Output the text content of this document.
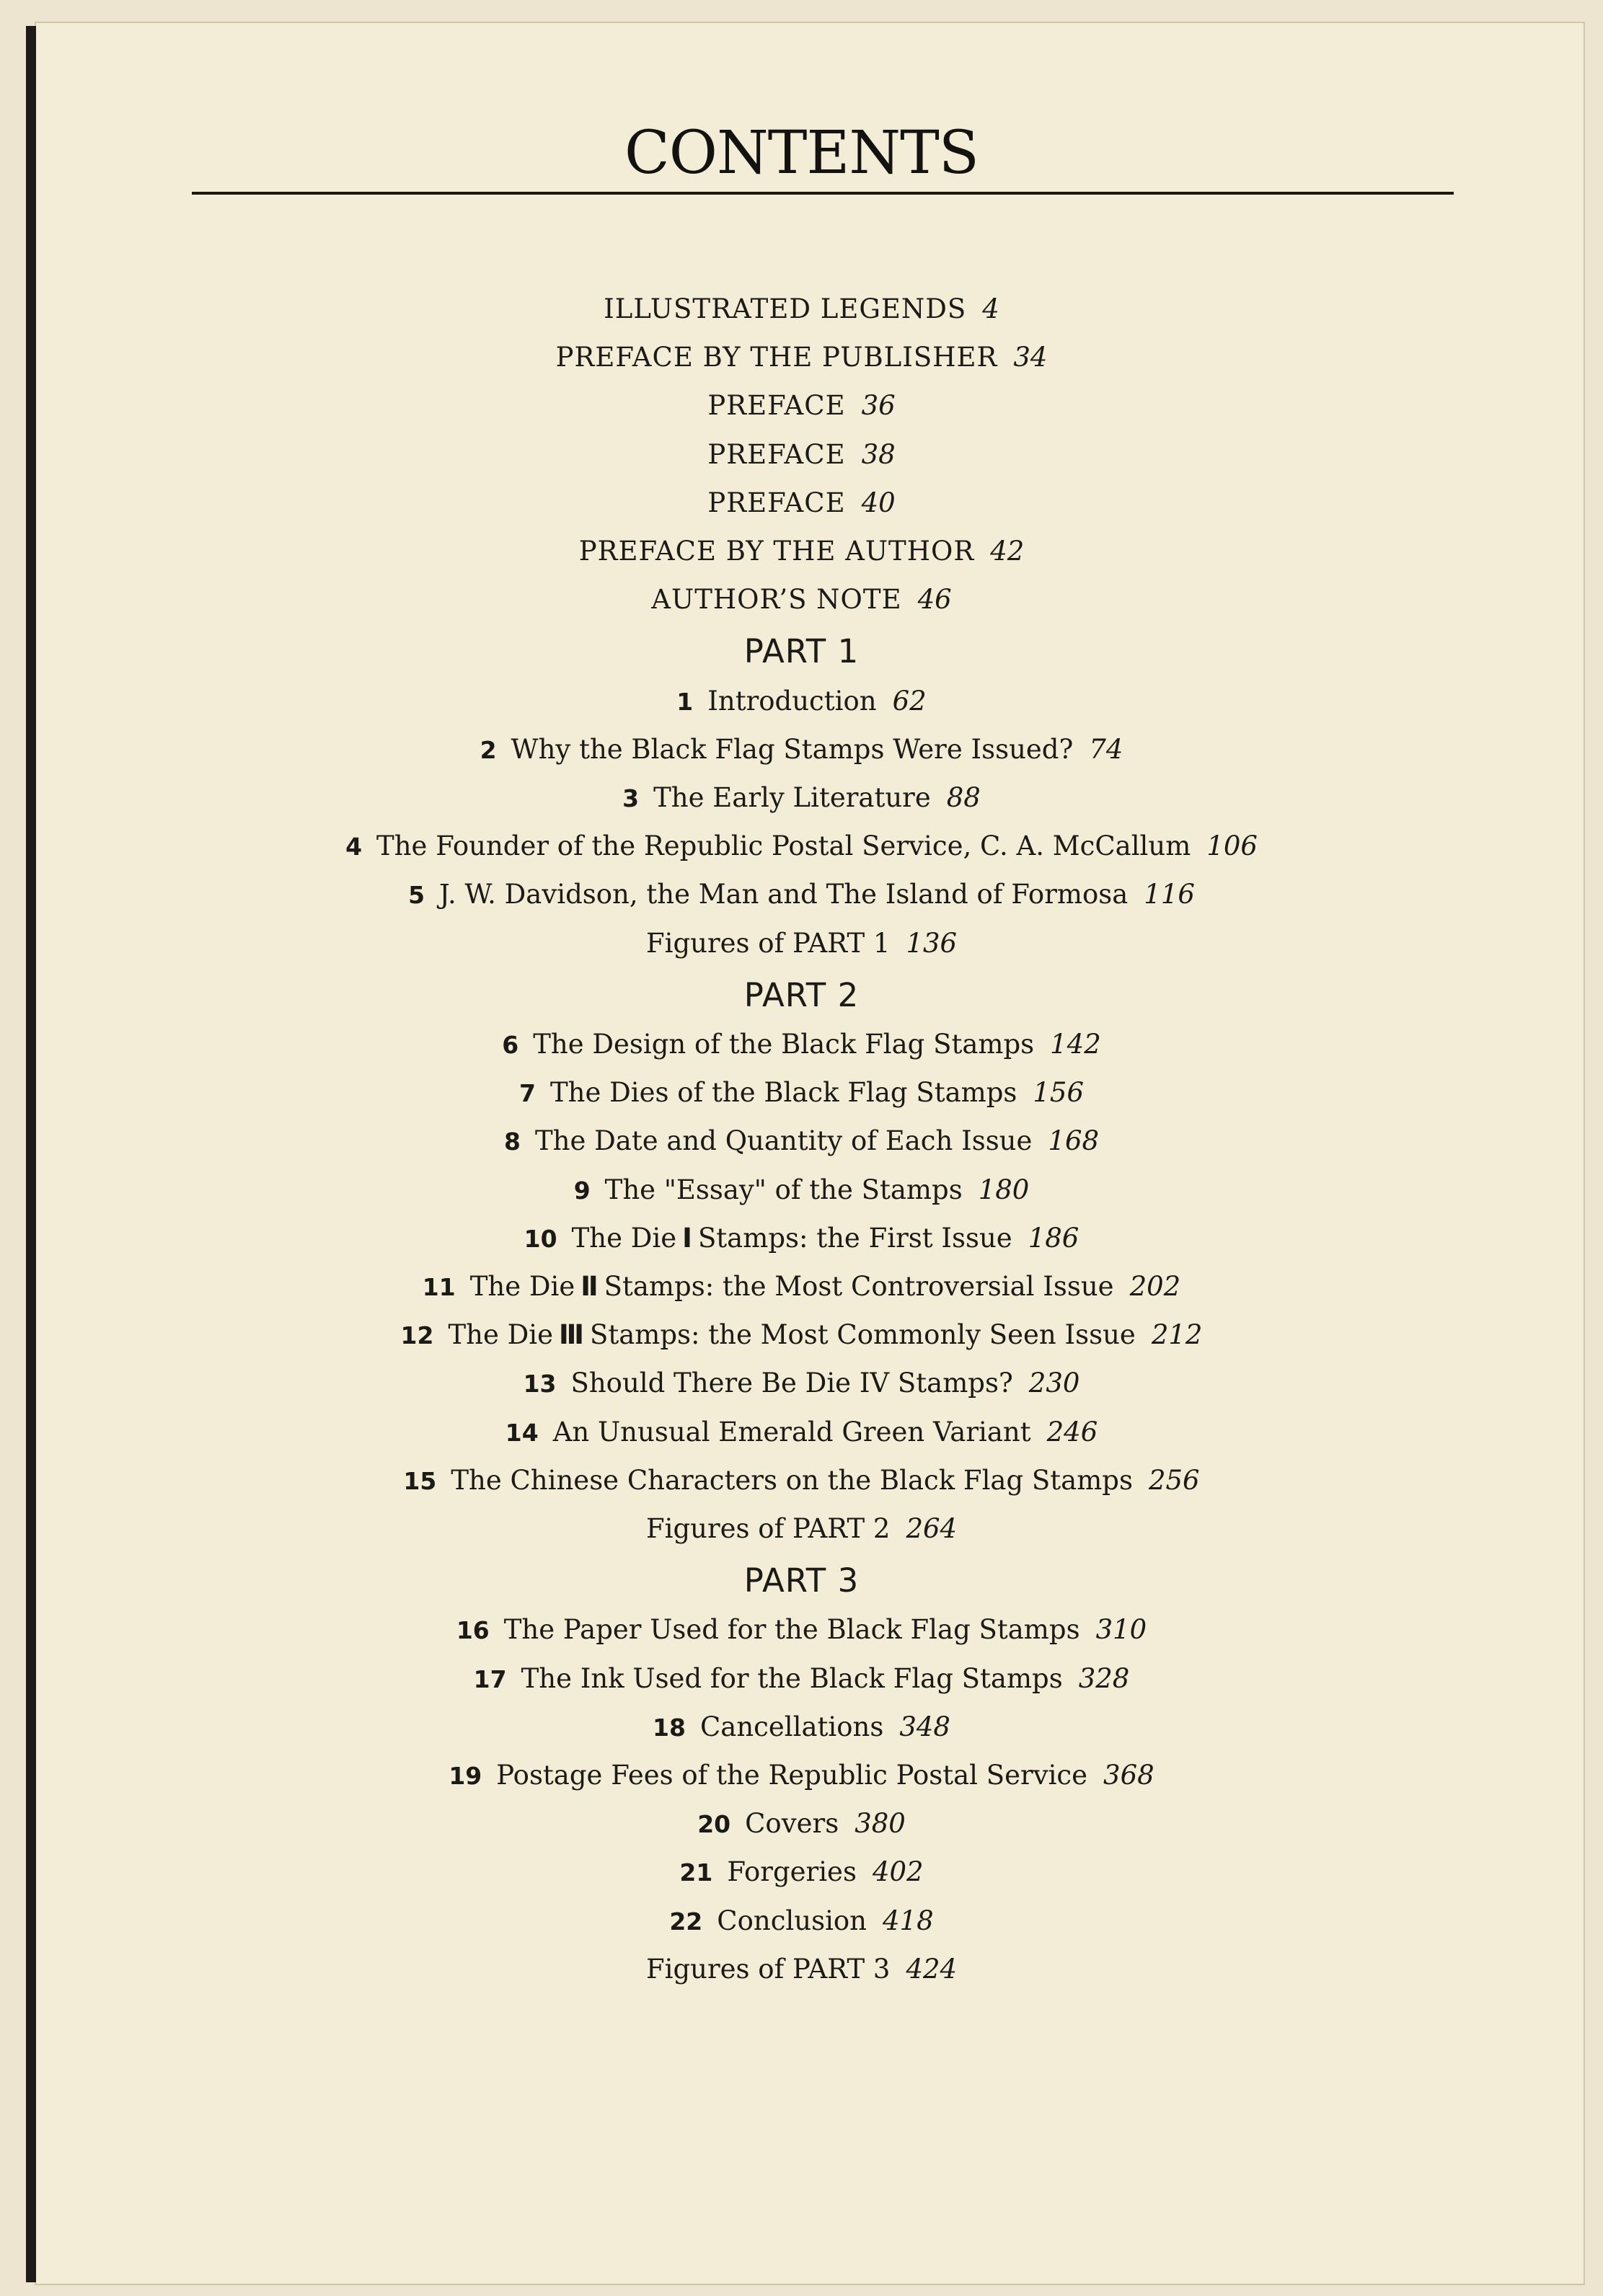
CONTENTS
ILLUSTRATED LEGENDS 4
PREFACE BY THE PUBLISHER 34
PREFACE 36
PREFACE 38
PREFACE 40
PREFACE BY THE AUTHOR 42
AUTHOR’S NOTE 46
PART 1
1 Introduction 62
2 Why the Black Flag Stamps Were Issued? 74
3 The Early Literature 88
4 The Founder of the Republic Postal Service, C. A. McCallum 106
5 J. W. Davidson, the Man and The Island of Formosa 116
Figures of PART 1 136
PART 2
6 The Design of the Black Flag Stamps 142
7 The Dies of the Black Flag Stamps 156
8 The Date and Quantity of Each Issue 168
9 The "Essay" of the Stamps 180
10 The Die Ⅰ Stamps: the First Issue 186
11 The Die Ⅱ Stamps: the Most Controversial Issue 202
12 The Die Ⅲ Stamps: the Most Commonly Seen Issue 212
13 Should There Be Die IV Stamps? 230
14 An Unusual Emerald Green Variant 246
15 The Chinese Characters on the Black Flag Stamps 256
Figures of PART 2 264
PART 3
16 The Paper Used for the Black Flag Stamps 310
17 The Ink Used for the Black Flag Stamps 328
18 Cancellations 348
19 Postage Fees of the Republic Postal Service 368
20 Covers 380
21 Forgeries 402
22 Conclusion 418
Figures of PART 3 424
